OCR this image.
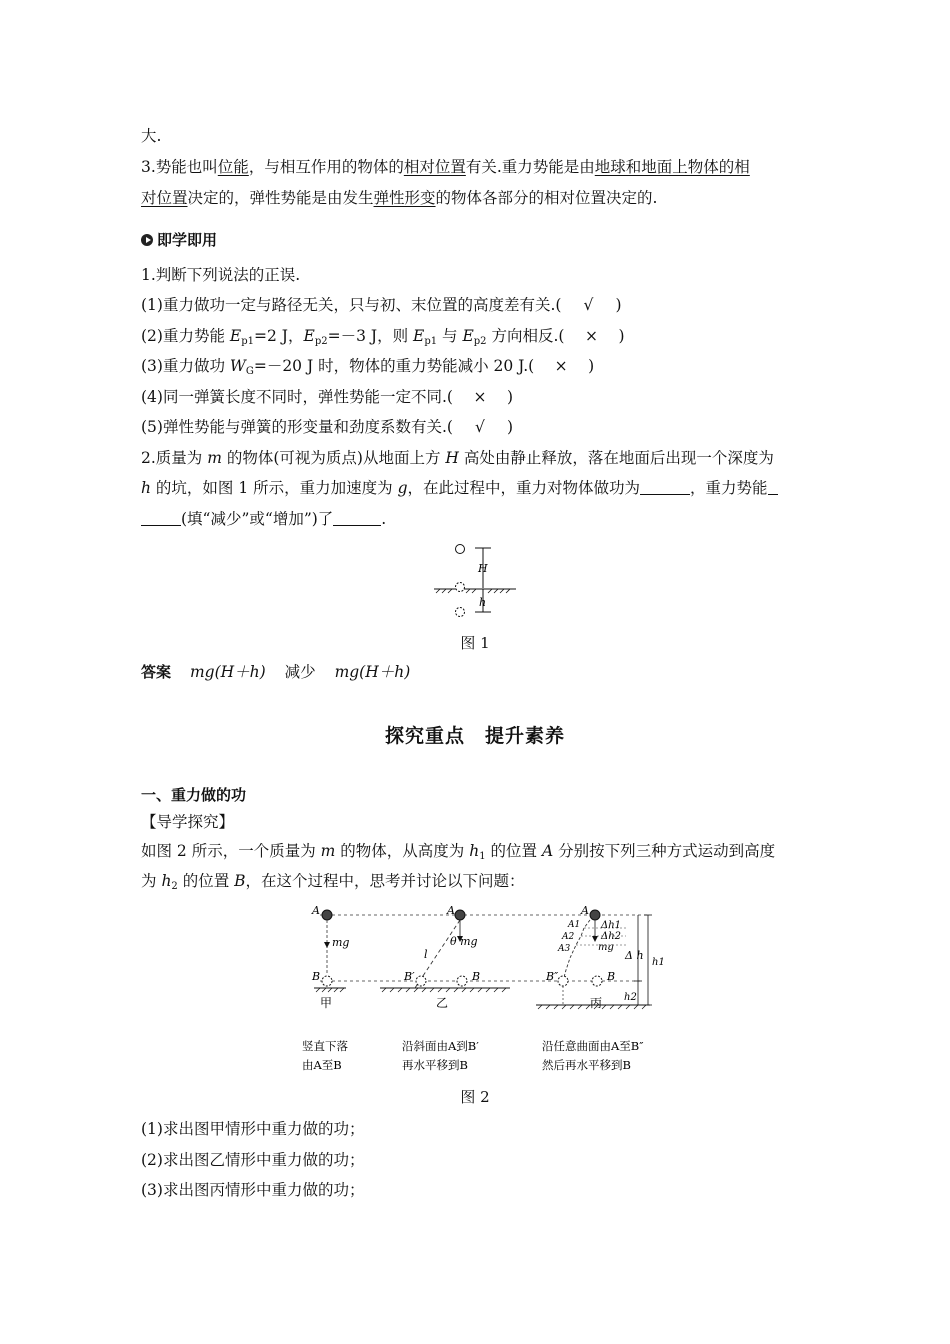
大.
3.势能也叫位能，与相互作用的物体的相对位置有关.重力势能是由地球和地面上物体的相
对位置决定的，弹性势能是由发生弹性形变的物体各部分的相对位置决定的.
即学即用
1.判断下列说法的正误.
(1)重力做功一定与路径无关，只与初、末位置的高度差有关.( √ )
(2)重力势能 $E_{p1}=2$ J，$E_{p2}=-3$ J，则 $E_{p1}$ 与 $E_{p2}$ 方向相反.( × )
(3)重力做功 $W_G=-20$ J 时，物体的重力势能减小 20 J.( × )
(4)同一弹簧长度不同时，弹性势能一定不同.( × )
(5)弹性势能与弹簧的形变量和劲度系数有关.( √ )
2.质量为 m 的物体(可视为质点)从地面上方 H 高处由静止释放，落在地面后出现一个深度为
h 的坑，如图 1 所示，重力加速度为 g，在此过程中，重力对物体做功为	，重力势能
(填“减少”或“增加”)了	.
H
h
图 1
答案 mg(H＋h) 减少 mg(H＋h)
探究重点　提升素养
一、重力做的功
【导学探究】
如图 2 所示，一个质量为 m 的物体，从高度为 $h_1$ 的位置 A 分别按下列三种方式运动到高度
为 $h_2$ 的位置 B，在这个过程中，思考并讨论以下问题：
A
mg
B
甲
竖直下落
由A至B
A
θ mg
l
B′	B
乙
沿斜面由A到B′
再水平移到B
A
A1
A2
A3	mg
Δh1
Δh2
B″	B
Δ h
h1
h2
丙
沿任意曲面由A至B″
然后再水平移到B
图 2
(1)求出图甲情形中重力做的功；
(2)求出图乙情形中重力做的功；
(3)求出图丙情形中重力做的功；
